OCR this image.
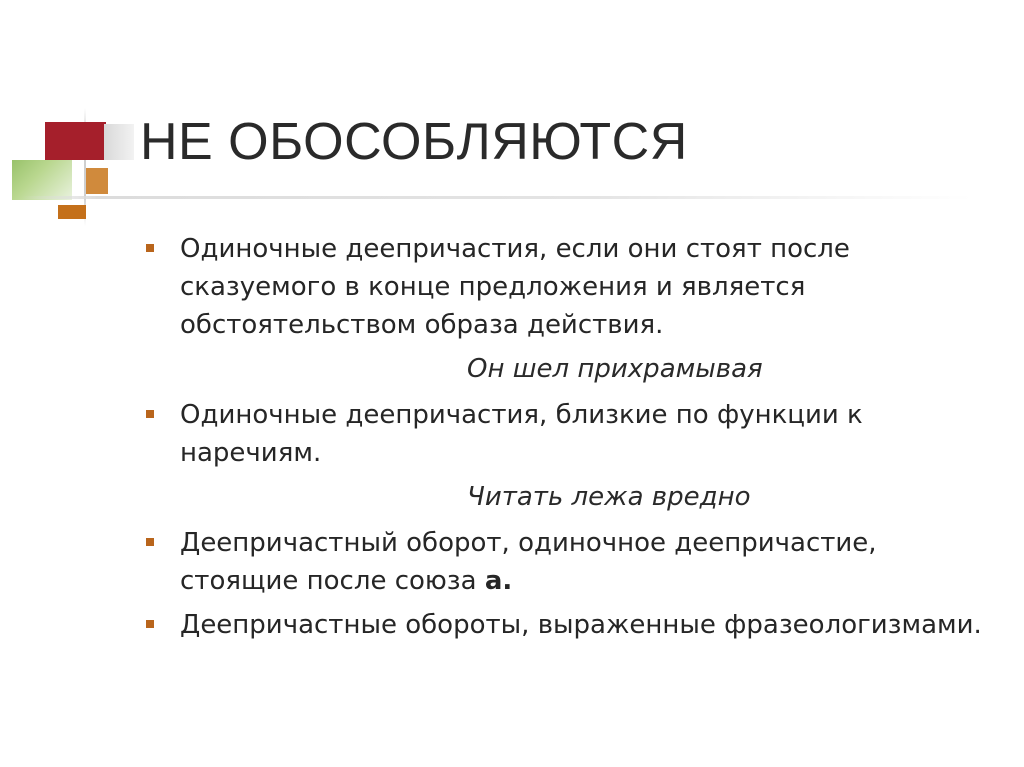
НЕ ОБОСОБЛЯЮТСЯ
Одиночные деепричастия, если они стоят после сказуемого в конце предложения и является обстоятельством образа действия.
Он шел прихрамывая
Одиночные деепричастия, близкие по функции к наречиям.
Читать лежа вредно
Деепричастный оборот, одиночное деепричастие, стоящие после союза а.
Деепричастные обороты, выраженные фразеологизмами.
